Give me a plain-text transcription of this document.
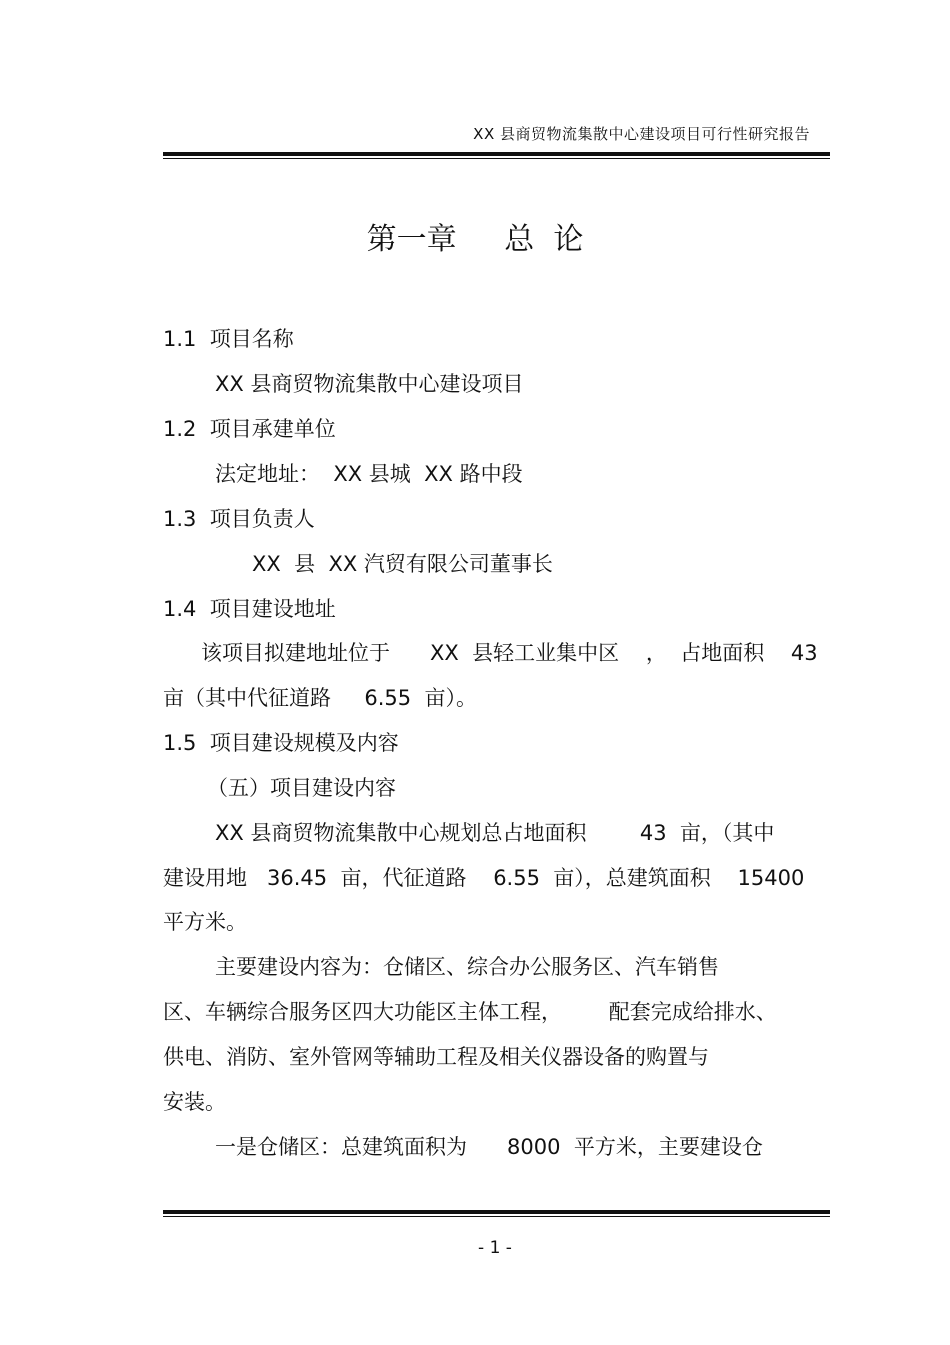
XX 县商贸物流集散中心建设项目可行性研究报告
第一章     总  论
1.1  项目名称
XX 县商贸物流集散中心建设项目
1.2  项目承建单位
法定地址：  XX 县城  XX 路中段
1.3  项目负责人
XX  县  XX 汽贸有限公司董事长
1.4  项目建设地址
该项目拟建地址位于      XX  县轻工业集中区    ，  占地面积    43
亩（其中代征道路     6.55  亩）。
1.5  项目建设规模及内容
（五）项目建设内容
XX 县商贸物流集散中心规划总占地面积        43  亩，（其中
建设用地   36.45  亩，代征道路    6.55  亩），总建筑面积    15400
平方米。
主要建设内容为：仓储区、综合办公服务区、汽车销售
区、车辆综合服务区四大功能区主体工程，       配套完成给排水、
供电、消防、室外管网等辅助工程及相关仪器设备的购置与
安装。
一是仓储区：总建筑面积为      8000  平方米，主要建设仓
- 1 -
